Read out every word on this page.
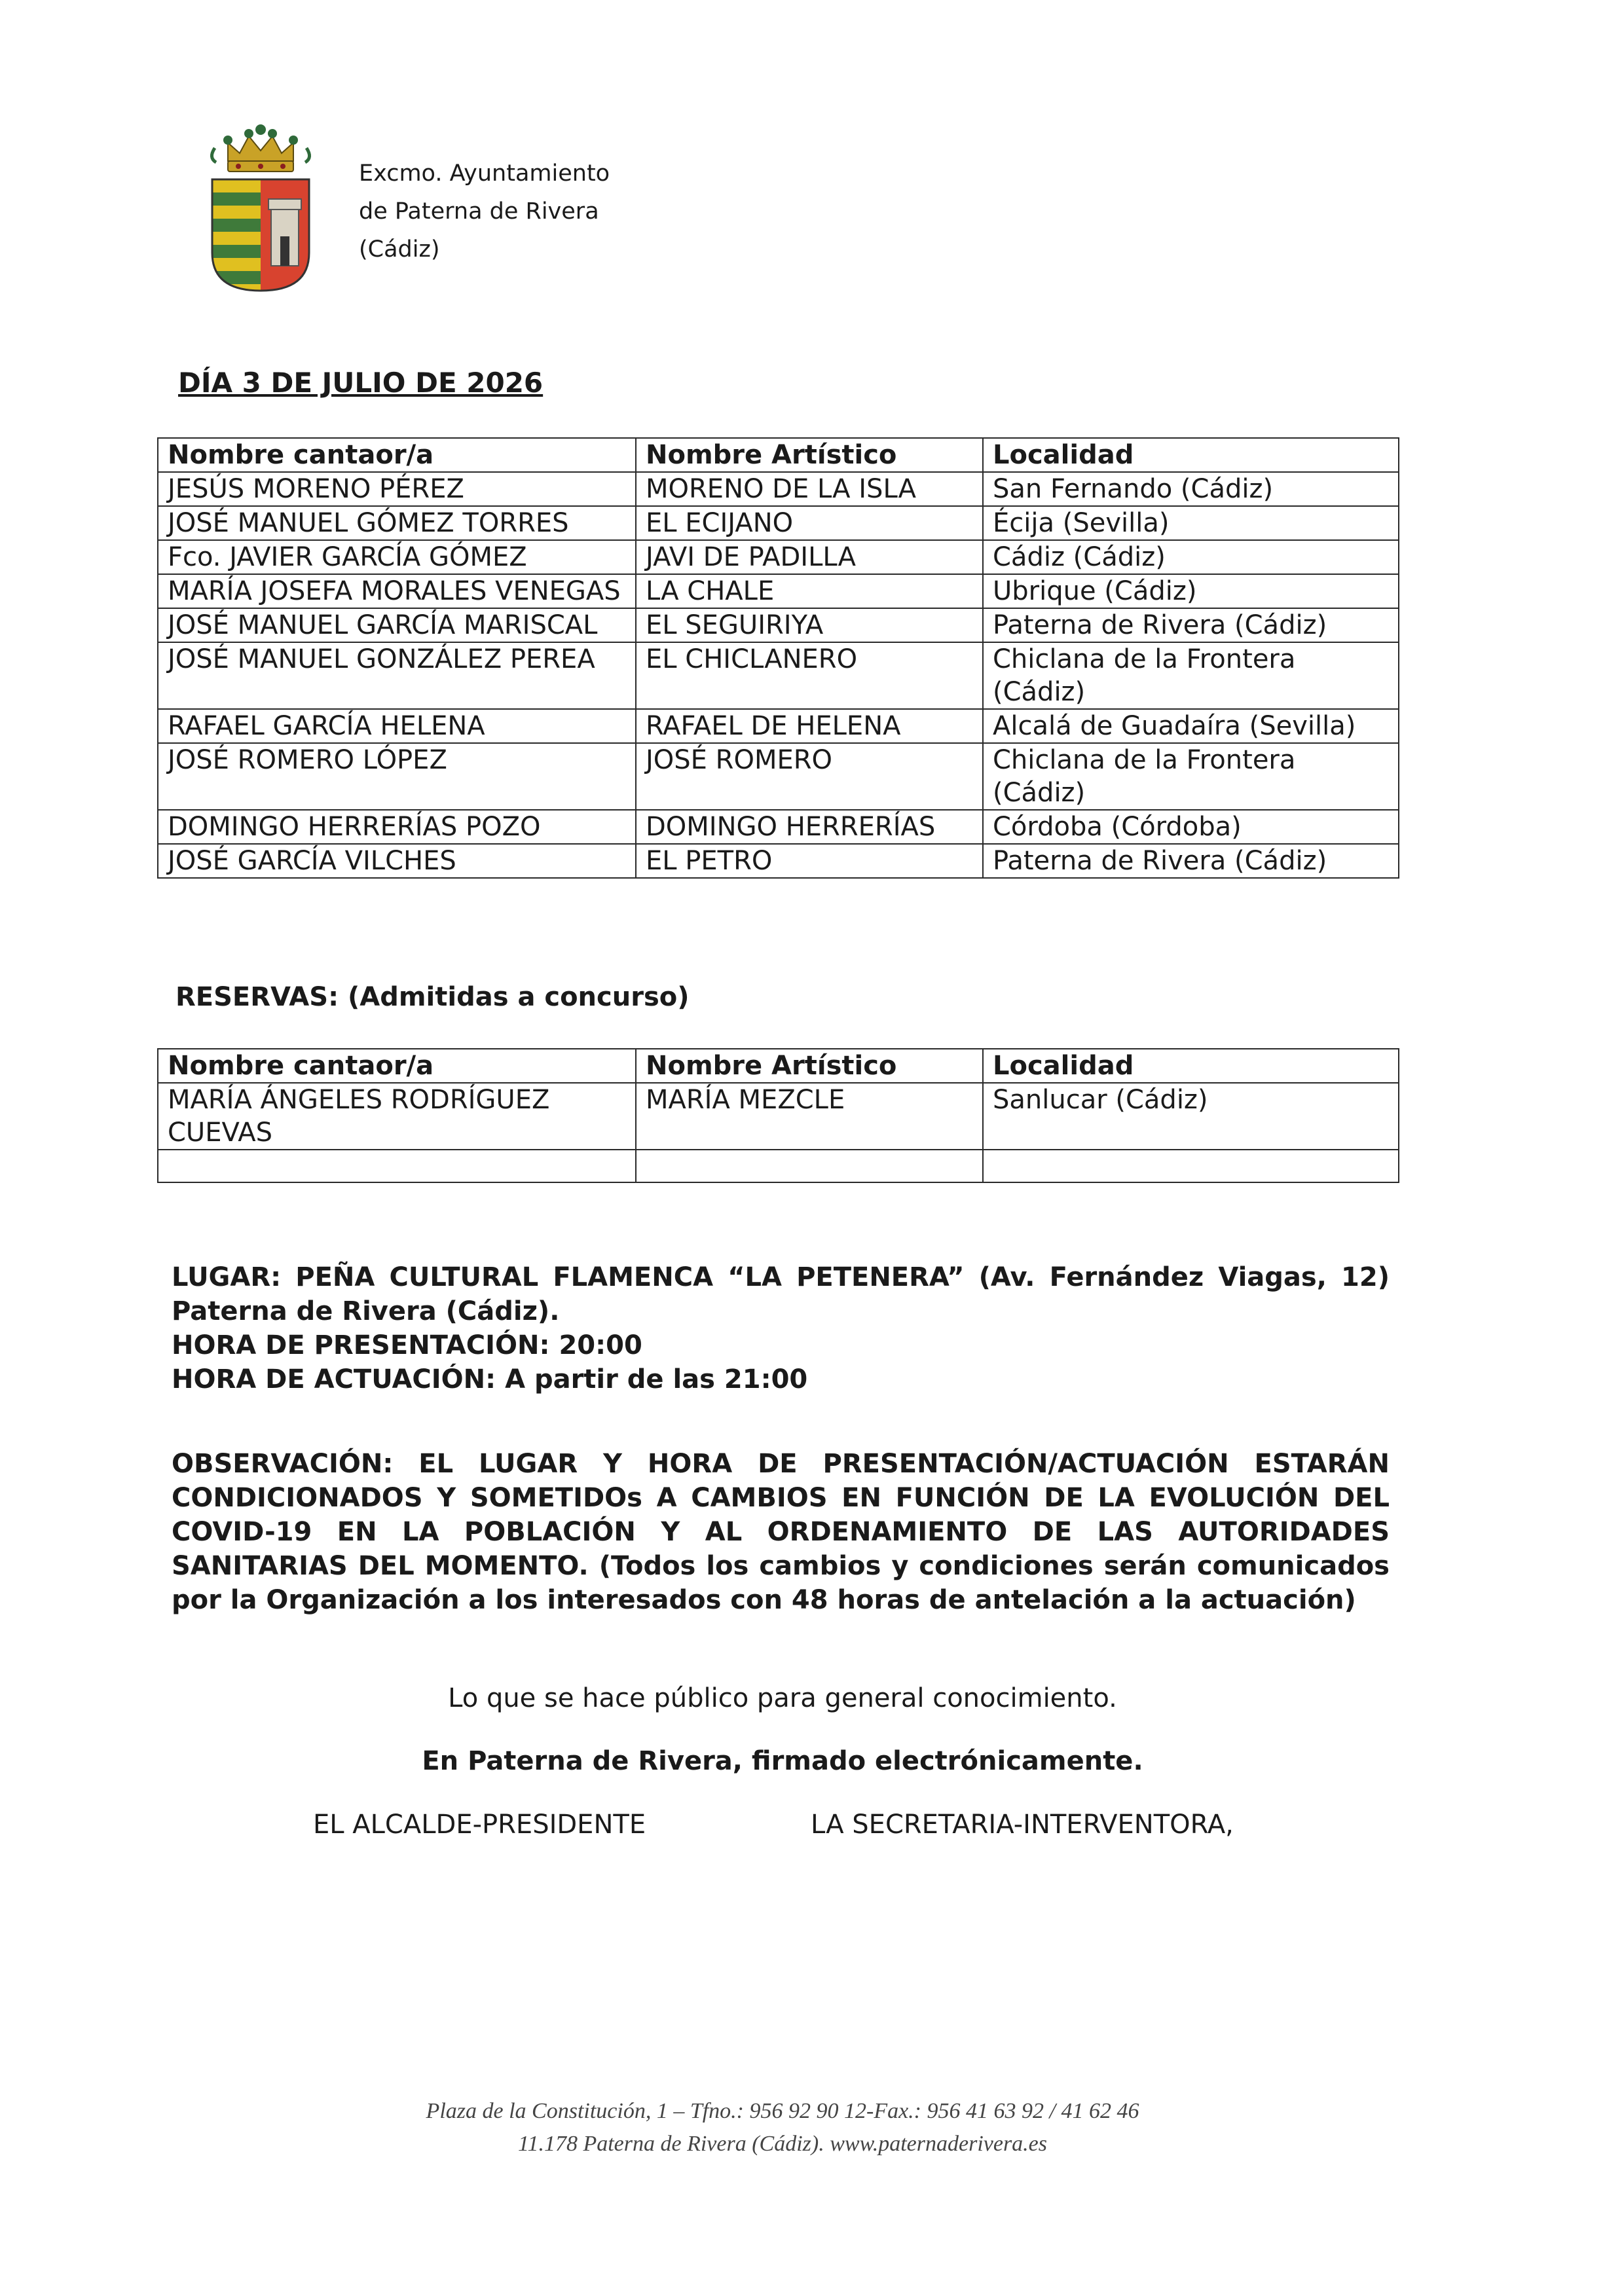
Excmo. Ayuntamiento
de Paterna de Rivera
(Cádiz)
DÍA 3 DE JULIO DE 2026
Nombre cantaor/a	Nombre Artístico	Localidad
JESÚS MORENO PÉREZ	MORENO DE LA ISLA	San Fernando (Cádiz)
JOSÉ MANUEL GÓMEZ TORRES	EL ECIJANO	Écija (Sevilla)
Fco. JAVIER GARCÍA GÓMEZ	JAVI DE PADILLA	Cádiz (Cádiz)
MARÍA JOSEFA MORALES VENEGAS	LA CHALE	Ubrique (Cádiz)
JOSÉ MANUEL GARCÍA MARISCAL	EL SEGUIRIYA	Paterna de Rivera (Cádiz)
JOSÉ MANUEL GONZÁLEZ PEREA	EL CHICLANERO	Chiclana de la Frontera (Cádiz)
RAFAEL GARCÍA HELENA	RAFAEL DE HELENA	Alcalá de Guadaíra (Sevilla)
JOSÉ ROMERO LÓPEZ	JOSÉ ROMERO	Chiclana de la Frontera (Cádiz)
DOMINGO HERRERÍAS POZO	DOMINGO HERRERÍAS	Córdoba (Córdoba)
JOSÉ GARCÍA VILCHES	EL PETRO	Paterna de Rivera (Cádiz)
RESERVAS: (Admitidas a concurso)
Nombre cantaor/a	Nombre Artístico	Localidad
MARÍA ÁNGELES RODRÍGUEZ CUEVAS	MARÍA MEZCLE	Sanlucar (Cádiz)

LUGAR: PEÑA CULTURAL FLAMENCA “LA PETENERA” (Av. Fernández Viagas, 12) Paterna de Rivera (Cádiz).
HORA DE PRESENTACIÓN: 20:00
HORA DE ACTUACIÓN: A partir de las 21:00
OBSERVACIÓN: EL LUGAR Y HORA DE PRESENTACIÓN/ACTUACIÓN ESTARÁN CONDICIONADOS Y SOMETIDOs A CAMBIOS EN FUNCIÓN DE LA EVOLUCIÓN DEL COVID-19 EN LA POBLACIÓN Y AL ORDENAMIENTO DE LAS AUTORIDADES SANITARIAS DEL MOMENTO. (Todos los cambios y condiciones serán comunicados por la Organización a los interesados con 48 horas de antelación a la actuación)
Lo que se hace público para general conocimiento.
En Paterna de Rivera, firmado electrónicamente.
EL ALCALDE-PRESIDENTE	LA SECRETARIA-INTERVENTORA,
Plaza de la Constitución, 1 – Tfno.: 956 92 90 12-Fax.: 956 41 63 92 / 41 62 46
11.178 Paterna de Rivera (Cádiz). www.paternaderivera.es
